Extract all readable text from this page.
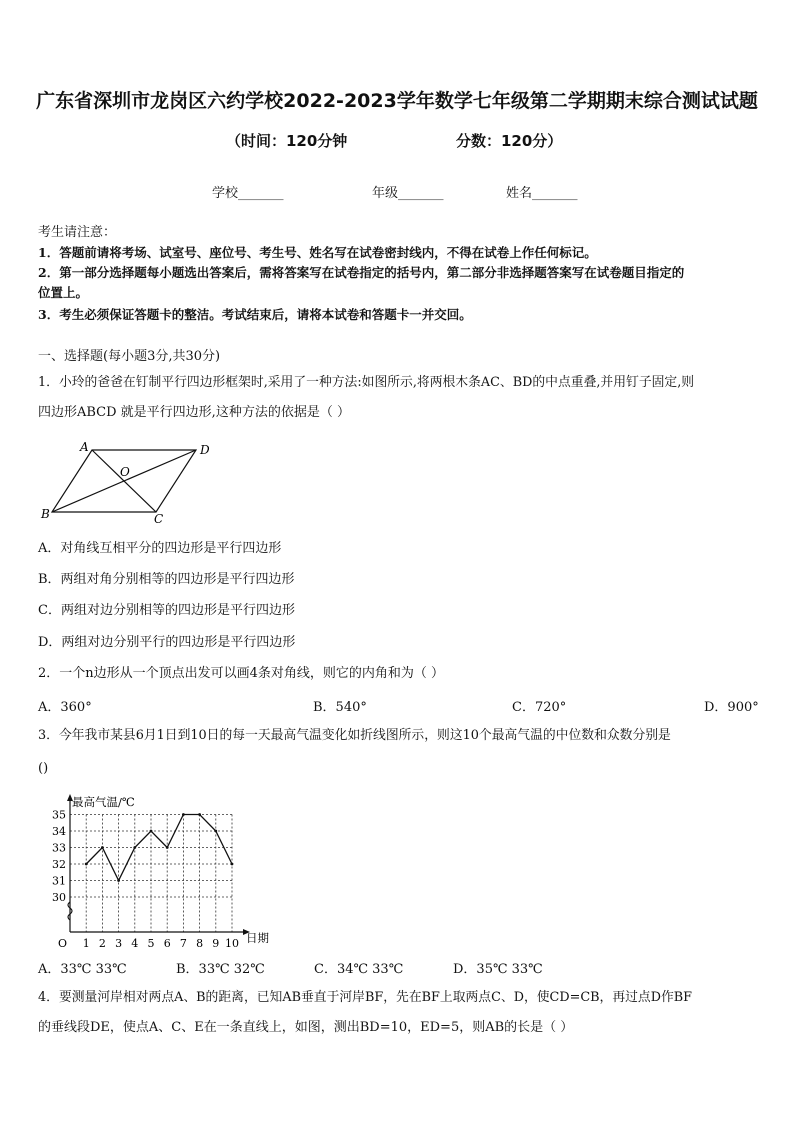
广东省深圳市龙岗区六约学校2022-2023学年数学七年级第二学期期末综合测试试题
（时间：120分钟	分数：120分）
学校_______	年级_______	姓名_______
考生请注意：
1．答题前请将考场、试室号、座位号、考生号、姓名写在试卷密封线内，不得在试卷上作任何标记。
2．第一部分选择题每小题选出答案后，需将答案写在试卷指定的括号内，第二部分非选择题答案写在试卷题目指定的
位置上。
3．考生必须保证答题卡的整洁。考试结束后，请将本试卷和答题卡一并交回。
一、选择题(每小题3分,共30分)
1．小玲的爸爸在钉制平行四边形框架时,采用了一种方法:如图所示,将两根木条AC、BD的中点重叠,并用钉子固定,则
四边形ABCD 就是平行四边形,这种方法的依据是（ ）
A	D
B	C
O
A．对角线互相平分的四边形是平行四边形
B．两组对角分别相等的四边形是平行四边形
C．两组对边分别相等的四边形是平行四边形
D．两组对边分别平行的四边形是平行四边形
2．一个n边形从一个顶点出发可以画4条对角线，则它的内角和为（ ）
A．360°	B．540°	C．720°	D．900°
3．今年我市某县6月1日到10日的每一天最高气温变化如折线图所示，则这10个最高气温的中位数和众数分别是
()
30
31
32
33
34
35
1 2 3 4 5 6 7 8 9 10
O
最高气温/℃
日期
A．33℃ 33℃	B．33℃ 32℃	C．34℃ 33℃	D．35℃ 33℃
4．要测量河岸相对两点A、B的距离，已知AB垂直于河岸BF，先在BF上取两点C、D，使CD=CB，再过点D作BF
的垂线段DE，使点A、C、E在一条直线上，如图，测出BD=10，ED=5，则AB的长是（ ）
